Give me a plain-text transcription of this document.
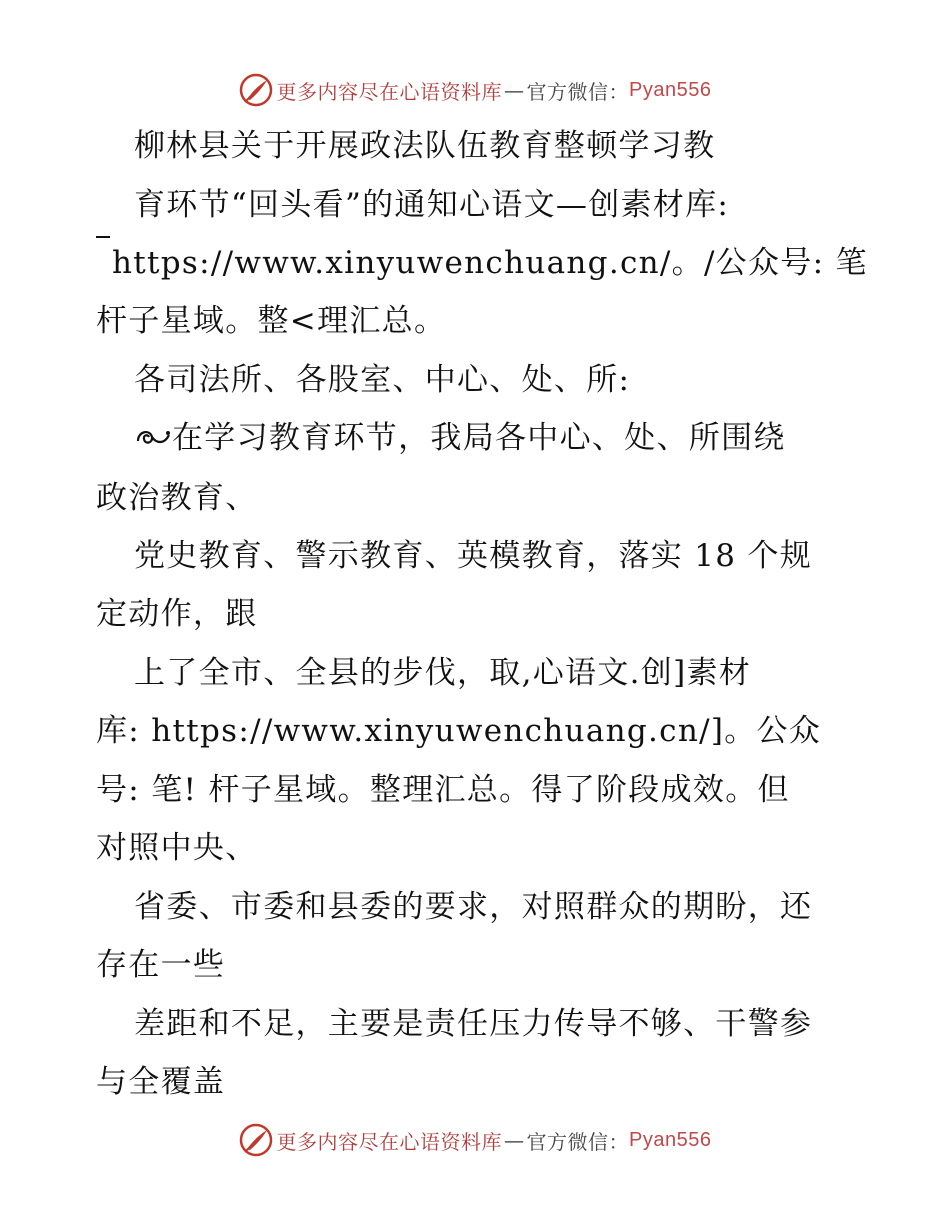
更多内容尽在心语资料库 — 官方微信： Pyan556
柳林县关于开展政法队伍教育整顿学习教
育环节“回头看”的通知心语文—创素材库:
https://www.xinyuwenchuang.cn/。/公众号: 笔
杆子星域。整<理汇总。
各司法所、各股室、中心、处、所:
在学习教育环节，我局各中心、处、所围绕
政治教育、
党史教育、警示教育、英模教育，落实 18 个规
定动作，跟
上了全市、全县的步伐，取,心语文.创]素材
库: https://www.xinyuwenchuang.cn/]。公众
号: 笔! 杆子星域。整理汇总。得了阶段成效。但
对照中央、
省委、市委和县委的要求，对照群众的期盼，还
存在一些
差距和不足，主要是责任压力传导不够、干警参
与全覆盖
更多内容尽在心语资料库 — 官方微信： Pyan556
